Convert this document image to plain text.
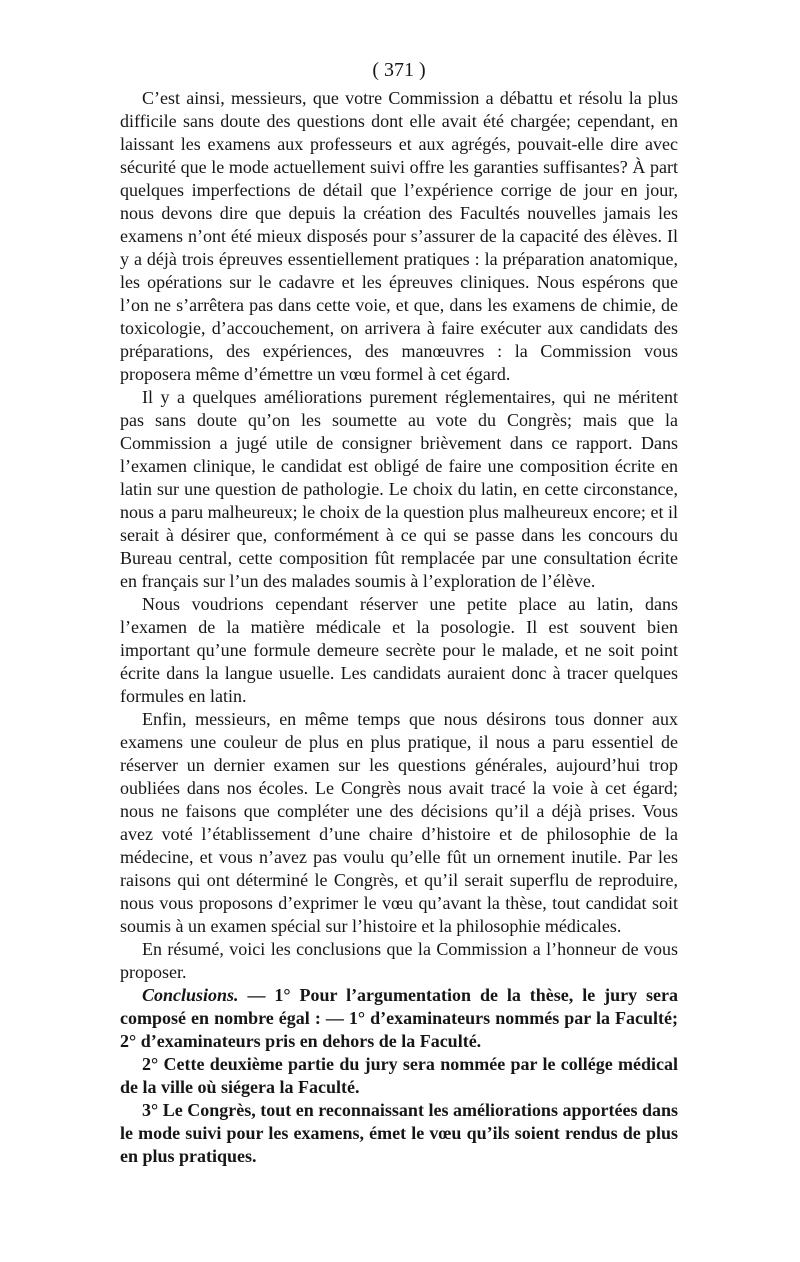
( 371 )

C’est ainsi, messieurs, que votre Commission a débattu et résolu la plus difficile sans doute des questions dont elle avait été chargée; cependant, en laissant les examens aux professeurs et aux agrégés, pouvait-elle dire avec sécurité que le mode actuellement suivi offre les garanties suffisantes? À part quelques imperfections de détail que l’expérience corrige de jour en jour, nous devons dire que depuis la création des Facultés nouvelles jamais les examens n’ont été mieux disposés pour s’assurer de la capacité des élèves. Il y a déjà trois épreuves essentiellement pratiques : la préparation anatomique, les opérations sur le cadavre et les épreuves cliniques. Nous espérons que l’on ne s’arrêtera pas dans cette voie, et que, dans les examens de chimie, de toxicologie, d’accouchement, on arrivera à faire exécuter aux candidats des préparations, des expériences, des manœuvres : la Commission vous proposera même d’émettre un vœu formel à cet égard.

Il y a quelques améliorations purement réglementaires, qui ne méritent pas sans doute qu’on les soumette au vote du Congrès; mais que la Commission a jugé utile de consigner brièvement dans ce rapport. Dans l’examen clinique, le candidat est obligé de faire une composition écrite en latin sur une question de pathologie. Le choix du latin, en cette circonstance, nous a paru malheureux; le choix de la question plus malheureux encore; et il serait à désirer que, conformément à ce qui se passe dans les concours du Bureau central, cette composition fût remplacée par une consultation écrite en français sur l’un des malades soumis à l’exploration de l’élève.

Nous voudrions cependant réserver une petite place au latin, dans l’examen de la matière médicale et la posologie. Il est souvent bien important qu’une formule demeure secrète pour le malade, et ne soit point écrite dans la langue usuelle. Les candidats auraient donc à tracer quelques formules en latin.

Enfin, messieurs, en même temps que nous désirons tous donner aux examens une couleur de plus en plus pratique, il nous a paru essentiel de réserver un dernier examen sur les questions générales, aujourd’hui trop oubliées dans nos écoles. Le Congrès nous avait tracé la voie à cet égard; nous ne faisons que compléter une des décisions qu’il a déjà prises. Vous avez voté l’établissement d’une chaire d’histoire et de philosophie de la médecine, et vous n’avez pas voulu qu’elle fût un ornement inutile. Par les raisons qui ont déterminé le Congrès, et qu’il serait superflu de reproduire, nous vous proposons d’exprimer le vœu qu’avant la thèse, tout candidat soit soumis à un examen spécial sur l’histoire et la philosophie médicales.

En résumé, voici les conclusions que la Commission a l’honneur de vous proposer.

Conclusions. — 1° Pour l’argumentation de la thèse, le jury sera composé en nombre égal : — 1° d’examinateurs nommés par la Faculté; 2° d’examinateurs pris en dehors de la Faculté.

2° Cette deuxième partie du jury sera nommée par le collége médical de la ville où siégera la Faculté.

3° Le Congrès, tout en reconnaissant les améliorations apportées dans le mode suivi pour les examens, émet le vœu qu’ils soient rendus de plus en plus pratiques.
